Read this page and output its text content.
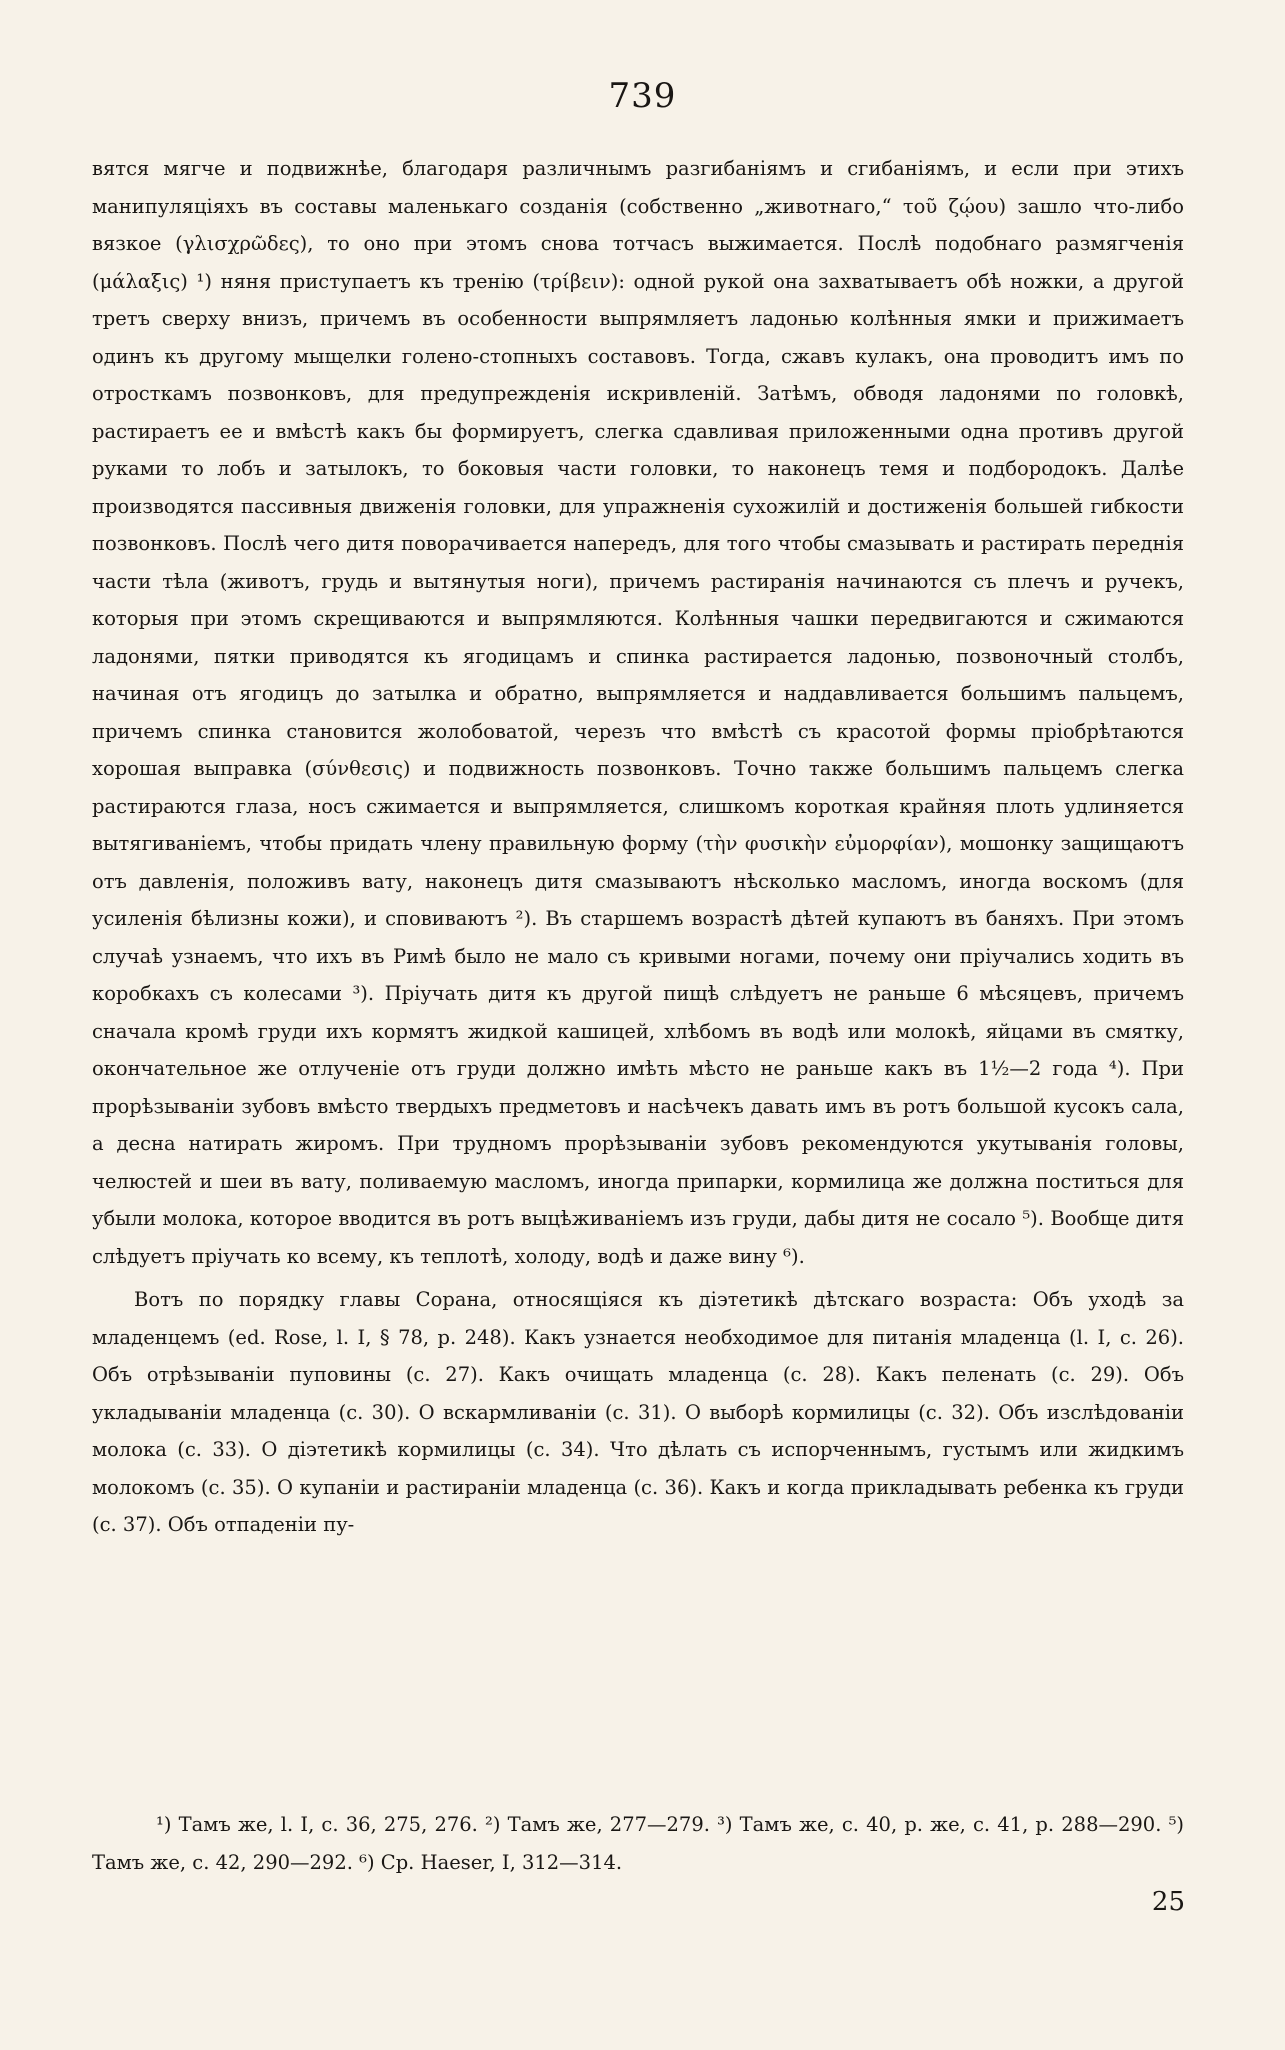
739

вятся мягче и подвижнѣе, благодаря различнымъ разгибаніямъ и сгибаніямъ, и если при этихъ манипуляціяхъ въ составы маленькаго созданія (собственно „животнаго,“ τοῦ ζῴου) зашло что-либо вязкое (γλισχρῶδες), то оно при этомъ снова тотчасъ выжимается. Послѣ подобнаго размягченія (μάλαξις) ¹) няня приступаетъ къ тренію (τρίβειν): одной рукой она захватываетъ обѣ ножки, а другой третъ сверху внизъ, причемъ въ особенности выпрямляетъ ладонью колѣнныя ямки и прижимаетъ одинъ къ другому мыщелки голено-стопныхъ составовъ. Тогда, сжавъ кулакъ, она проводитъ имъ по отросткамъ позвонковъ, для предупрежденія искривленій. Затѣмъ, обводя ладонями по головкѣ, растираетъ ее и вмѣстѣ какъ бы формируетъ, слегка сдавливая приложенными одна противъ другой руками то лобъ и затылокъ, то боковыя части головки, то наконецъ темя и подбородокъ. Далѣе производятся пассивныя движенія головки, для упражненія сухожилій и достиженія большей гибкости позвонковъ. Послѣ чего дитя поворачивается напередъ, для того чтобы смазывать и растирать переднія части тѣла (животъ, грудь и вытянутыя ноги), причемъ растиранія начинаются съ плечъ и ручекъ, которыя при этомъ скрещиваются и выпрямляются. Колѣнныя чашки передвигаются и сжимаются ладонями, пятки приводятся къ ягодицамъ и спинка растирается ладонью, позвоночный столбъ, начиная отъ ягодицъ до затылка и обратно, выпрямляется и наддавливается большимъ пальцемъ, причемъ спинка становится жолобоватой, черезъ что вмѣстѣ съ красотой формы пріобрѣтаются хорошая выправка (σύνθεσις) и подвижность позвонковъ. Точно также большимъ пальцемъ слегка растираются глаза, носъ сжимается и выпрямляется, слишкомъ короткая крайняя плоть удлиняется вытягиваніемъ, чтобы придать члену правильную форму (τὴν φυσικὴν εὐμορφίαν), мошонку защищаютъ отъ давленія, положивъ вату, наконецъ дитя смазываютъ нѣсколько масломъ, иногда воскомъ (для усиленія бѣлизны кожи), и сповиваютъ ²). Въ старшемъ возрастѣ дѣтей купаютъ въ баняхъ. При этомъ случаѣ узнаемъ, что ихъ въ Римѣ было не мало съ кривыми ногами, почему они пріучались ходить въ коробкахъ съ колесами ³). Пріучать дитя къ другой пищѣ слѣдуетъ не раньше 6 мѣсяцевъ, причемъ сначала кромѣ груди ихъ кормятъ жидкой кашицей, хлѣбомъ въ водѣ или молокѣ, яйцами въ смятку, окончательное же отлученіе отъ груди должно имѣть мѣсто не раньше какъ въ 1½—2 года ⁴). При прорѣзываніи зубовъ вмѣсто твердыхъ предметовъ и насѣчекъ давать имъ въ ротъ большой кусокъ сала, а десна натирать жиромъ. При трудномъ прорѣзываніи зубовъ рекомендуются укутыванія головы, челюстей и шеи въ вату, поливаемую масломъ, иногда припарки, кормилица же должна поститься для убыли молока, которое вводится въ ротъ выцѣживаніемъ изъ груди, дабы дитя не сосало ⁵). Вообще дитя слѣдуетъ пріучать ко всему, къ теплотѣ, холоду, водѣ и даже вину ⁶).

Вотъ по порядку главы Сорана, относящіяся къ діэтетикѣ дѣтскаго возраста: Объ уходѣ за младенцемъ (ed. Rose, l. I, § 78, p. 248). Какъ узнается необходимое для питанія младенца (l. I, c. 26). Объ отрѣзываніи пуповины (c. 27). Какъ очищать младенца (c. 28). Какъ пеленать (c. 29). Объ укладываніи младенца (c. 30). О вскармливаніи (c. 31). О выборѣ кормилицы (c. 32). Объ изслѣдованіи молока (c. 33). О діэтетикѣ кормилицы (c. 34). Что дѣлать съ испорченнымъ, густымъ или жидкимъ молокомъ (c. 35). О купаніи и растираніи младенца (c. 36). Какъ и когда прикладывать ребенка къ груди (c. 37). Объ отпаденіи пу-

¹) Тамъ же, l. I, c. 36, 275, 276. ²) Тамъ же, 277—279. ³) Тамъ же, c. 40, p. же, c. 41, p. 288—290. ⁵) Тамъ же, c. 42, 290—292. ⁶) Ср. Haeser, I, 312—314.

25
